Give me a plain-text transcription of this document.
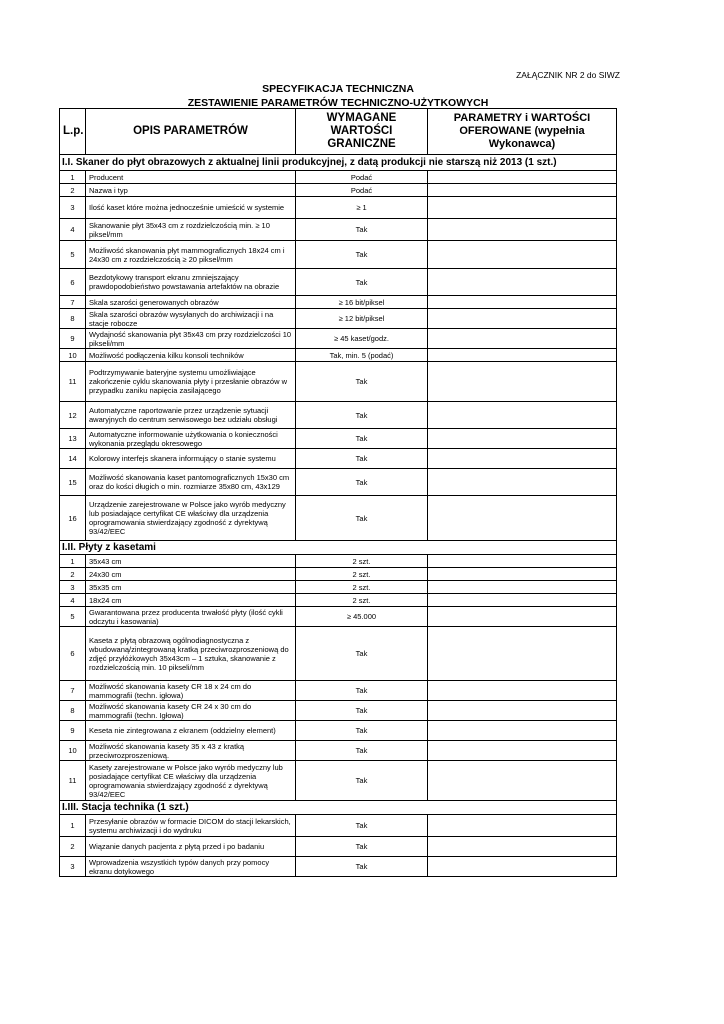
ZAŁĄCZNIK NR 2 do SIWZ
SPECYFIKACJA TECHNICZNA
ZESTAWIENIE PARAMETRÓW TECHNICZNO-UŻYTKOWYCH
L.p.	OPIS PARAMETRÓW	WYMAGANE WARTOŚCI GRANICZNE	PARAMETRY i WARTOŚCI OFEROWANE (wypełnia Wykonawca)
I.I. Skaner do płyt obrazowych z aktualnej linii produkcyjnej, z datą produkcji nie starszą niż 2013 (1 szt.)			
1	Producent	Podać	
2	Nazwa i typ	Podać	
3	Ilość kaset które można jednocześnie umieścić w systemie	≥ 1	
4	Skanowanie płyt 35x43 cm z rozdzielczością min. ≥ 10 piksel/mm	Tak	
5	Możliwość skanowania płyt mammograficznych 18x24 cm i 24x30 cm z rozdzielczością ≥ 20 piksel/mm	Tak	
6	Bezdotykowy transport ekranu zmniejszający prawdopodobieństwo powstawania artefaktów na obrazie	Tak	
7	Skala szarości generowanych obrazów	≥ 16 bit/piksel	
8	Skala szarości obrazów wysyłanych do archiwizacji i na stacje robocze	≥ 12 bit/piksel	
9	Wydajność skanowania płyt 35x43 cm przy rozdzielczości 10 pikseli/mm	≥ 45 kaset/godz.	
10	Możliwość podłączenia kilku konsoli techników	Tak, min. 5 (podać)	
11	Podtrzymywanie bateryjne systemu umożliwiające zakończenie cyklu skanowania płyty i przesłanie obrazów w przypadku zaniku napięcia zasilającego	Tak	
12	Automatyczne raportowanie przez urządzenie sytuacji awaryjnych do centrum serwisowego bez udziału obsługi	Tak	
13	Automatyczne informowanie użytkowania o konieczności wykonania przeglądu okresowego	Tak	
14	Kolorowy interfejs skanera informujący o stanie systemu	Tak	
15	Możliwość skanowania kaset pantomograficznych 15x30 cm oraz do kości długich o min. rozmiarze 35x80 cm, 43x129	Tak	
16	Urządzenie zarejestrowane w Polsce jako wyrób medyczny lub posiadające certyfikat CE właściwy dla urządzenia oprogramowania stwierdzający zgodność z dyrektywą 93/42/EEC	Tak	
I.II. Płyty z kasetami			
1	35x43 cm	2 szt.	
2	24x30 cm	2 szt.	
3	35x35 cm	2 szt.	
4	18x24 cm	2 szt.	
5	Gwarantowana przez producenta trwałość płyty (ilość cykli odczytu i kasowania)	≥ 45.000	
6	Kaseta z płytą obrazową ogólnodiagnostyczna z wbudowaną/zintegrowaną kratką przeciwrozproszeniową do zdjęć przyłóżkowych 35x43cm – 1 sztuka, skanowanie z rozdzielczością min. 10 pikseli/mm	Tak	
7	Możliwość skanowania kasety CR 18 x 24 cm do mammografii (techn. igłowa)	Tak	
8	Możliwość skanowania kasety CR 24 x 30 cm do mammografii (techn. Igłowa)	Tak	
9	Keseta nie zintegrowana z ekranem (oddzielny element)	Tak	
10	Możliwość skanowania kasety 35 x 43 z kratką przeciwrozproszeniową.	Tak	
11	Kasety zarejestrowane w Polsce jako wyrób medyczny lub posiadające certyfikat CE właściwy dla urządzenia oprogramowania stwierdzający zgodność z dyrektywą 93/42/EEC	Tak	
I.III. Stacja technika (1 szt.)			
1	Przesyłanie obrazów w formacie DICOM do stacji lekarskich, systemu archiwizacji i do wydruku	Tak	
2	Wiązanie danych pacjenta z płytą przed i po badaniu	Tak	
3	Wprowadzenia wszystkich typów danych przy pomocy ekranu dotykowego	Tak	
